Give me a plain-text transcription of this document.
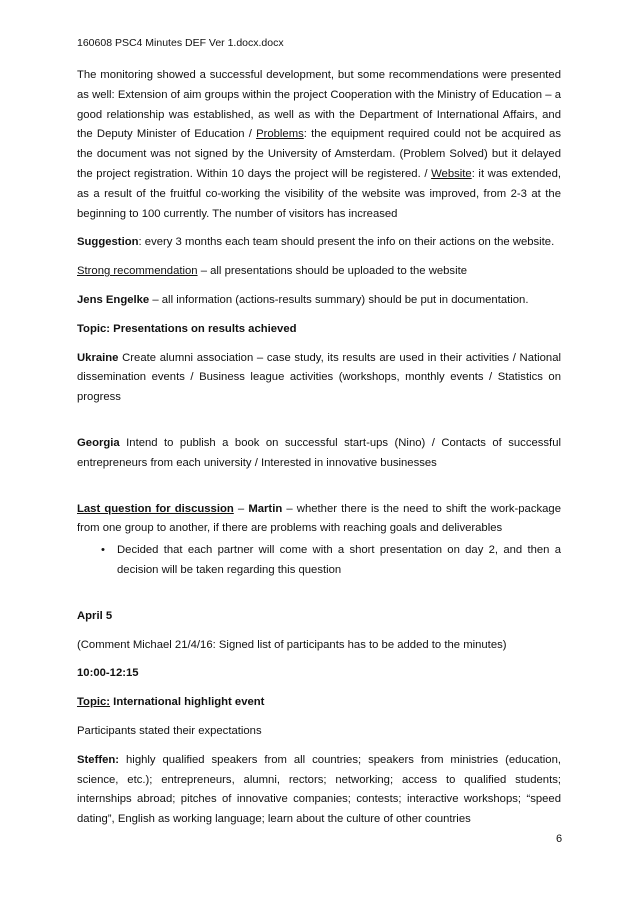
160608 PSC4 Minutes DEF Ver 1.docx.docx

The monitoring showed a successful development, but some recommendations were presented as well: Extension of aim groups within the project Cooperation with the Ministry of Education – a good relationship was established, as well as with the Department of International Affairs, and the Deputy Minister of Education / Problems: the equipment required could not be acquired as the document was not signed by the University of Amsterdam. (Problem Solved) but it delayed the project registration. Within 10 days the project will be registered. / Website: it was extended, as a result of the fruitful co-working the visibility of the website was improved, from 2-3 at the beginning to 100 currently. The number of visitors has increased

Suggestion: every 3 months each team should present the info on their actions on the website.

Strong recommendation – all presentations should be uploaded to the website

Jens Engelke – all information (actions-results summary) should be put in documentation.

Topic: Presentations on results achieved

Ukraine Create alumni association – case study, its results are used in their activities / National dissemination events / Business league activities (workshops, monthly events / Statistics on progress

Georgia Intend to publish a book on successful start-ups (Nino) / Contacts of successful entrepreneurs from each university / Interested in innovative businesses

Last question for discussion – Martin – whether there is the need to shift the work-package from one group to another, if there are problems with reaching goals and deliverables

• Decided that each partner will come with a short presentation on day 2, and then a decision will be taken regarding this question

April 5

(Comment Michael 21/4/16: Signed list of participants has to be added to the minutes)

10:00-12:15

Topic: International highlight event

Participants stated their expectations

Steffen: highly qualified speakers from all countries; speakers from ministries (education, science, etc.); entrepreneurs, alumni, rectors; networking; access to qualified students; internships abroad; pitches of innovative companies; contests; interactive workshops; “speed dating”, English as working language; learn about the culture of other countries

6
